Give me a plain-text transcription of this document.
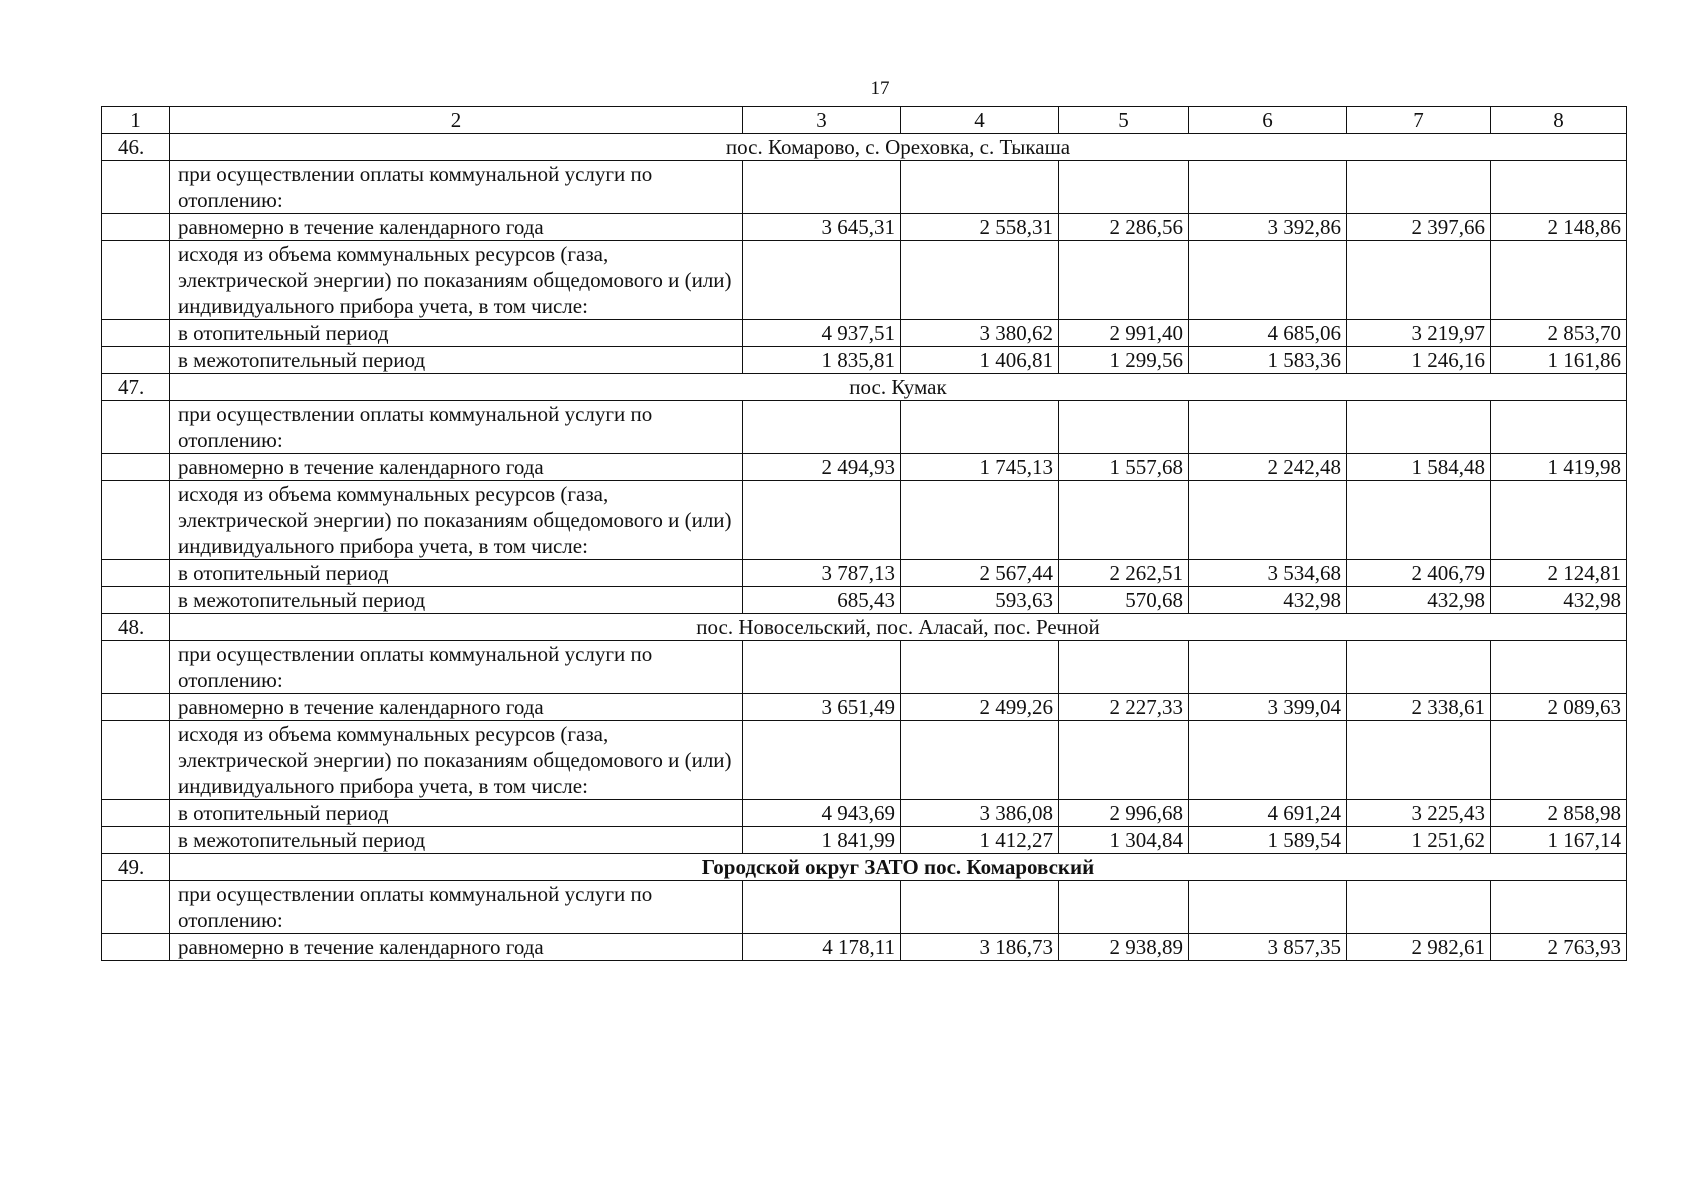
17
1	2	3	4	5	6	7	8
46.	пос. Комарово, с. Ореховка, с. Тыкаша						
	при осуществлении оплаты коммунальной услуги по отоплению:						
	равномерно в течение календарного года	3 645,31	2 558,31	2 286,56	3 392,86	2 397,66	2 148,86
	исходя из объема коммунальных ресурсов (газа, электрической энергии) по показаниям общедомового и (или) индивидуального прибора учета, в том числе:						
	в отопительный период	4 937,51	3 380,62	2 991,40	4 685,06	3 219,97	2 853,70
	в межотопительный период	1 835,81	1 406,81	1 299,56	1 583,36	1 246,16	1 161,86
47.	пос. Кумак						
	при осуществлении оплаты коммунальной услуги по отоплению:						
	равномерно в течение календарного года	2 494,93	1 745,13	1 557,68	2 242,48	1 584,48	1 419,98
	исходя из объема коммунальных ресурсов (газа, электрической энергии) по показаниям общедомового и (или) индивидуального прибора учета, в том числе:						
	в отопительный период	3 787,13	2 567,44	2 262,51	3 534,68	2 406,79	2 124,81
	в межотопительный период	685,43	593,63	570,68	432,98	432,98	432,98
48.	пос. Новосельский, пос. Аласай, пос. Речной						
	при осуществлении оплаты коммунальной услуги по отоплению:						
	равномерно в течение календарного года	3 651,49	2 499,26	2 227,33	3 399,04	2 338,61	2 089,63
	исходя из объема коммунальных ресурсов (газа, электрической энергии) по показаниям общедомового и (или) индивидуального прибора учета, в том числе:						
	в отопительный период	4 943,69	3 386,08	2 996,68	4 691,24	3 225,43	2 858,98
	в межотопительный период	1 841,99	1 412,27	1 304,84	1 589,54	1 251,62	1 167,14
49.	Городской округ ЗАТО пос. Комаровский						
	при осуществлении оплаты коммунальной услуги по отоплению:						
	равномерно в течение календарного года	4 178,11	3 186,73	2 938,89	3 857,35	2 982,61	2 763,93
